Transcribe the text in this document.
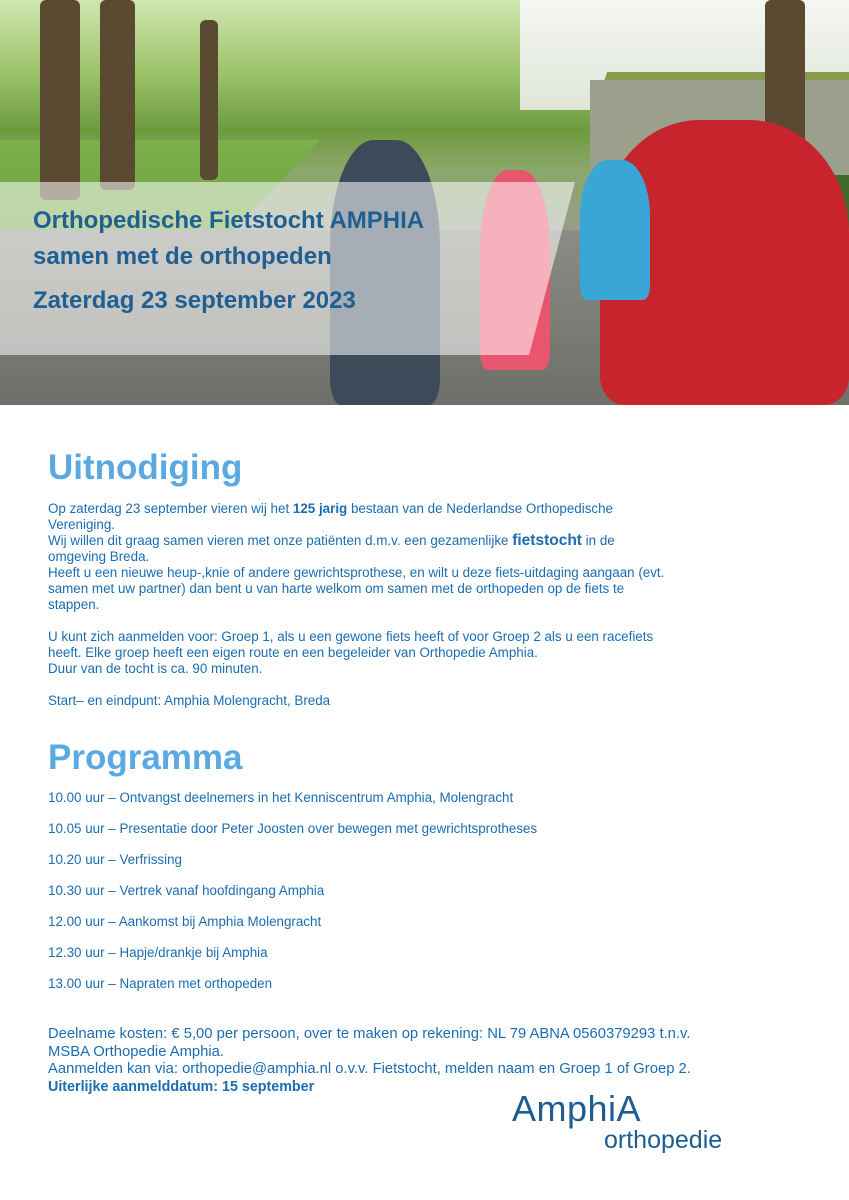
Orthopedische Fietstocht AMPHIA
samen met de orthopeden
Zaterdag 23 september 2023
Uitnodiging
Op zaterdag 23 september vieren wij het 125 jarig bestaan van de Nederlandse Orthopedische Vereniging.
Wij willen dit graag samen vieren met onze patiënten d.m.v. een gezamenlijke fietstocht in de omgeving Breda.
Heeft u een nieuwe heup-,knie of andere gewrichtsprothese, en wilt u deze fiets-uitdaging aangaan (evt. samen met uw partner) dan bent u van harte welkom om samen met de orthopeden op de fiets te stappen.
U kunt zich aanmelden voor: Groep 1, als u een gewone fiets heeft of voor Groep 2 als u een racefiets heeft. Elke groep heeft een eigen route en een begeleider van Orthopedie Amphia.
Duur van de tocht is ca. 90 minuten.
Start– en eindpunt: Amphia Molengracht, Breda
Programma
10.00 uur – Ontvangst deelnemers in het Kenniscentrum Amphia, Molengracht
10.05 uur – Presentatie door Peter Joosten over bewegen met gewrichtsprotheses
10.20 uur – Verfrissing
10.30 uur – Vertrek vanaf hoofdingang Amphia
12.00 uur – Aankomst bij Amphia Molengracht
12.30 uur – Hapje/drankje bij Amphia
13.00 uur – Napraten met orthopeden
Deelname kosten: € 5,00 per persoon, over te maken op rekening: NL 79 ABNA 0560379293 t.n.v. MSBA Orthopedie Amphia.
Aanmelden kan via: orthopedie@amphia.nl o.v.v. Fietstocht, melden naam en Groep 1 of Groep 2.
Uiterlijke aanmelddatum: 15 september
AmphiA
orthopedie
